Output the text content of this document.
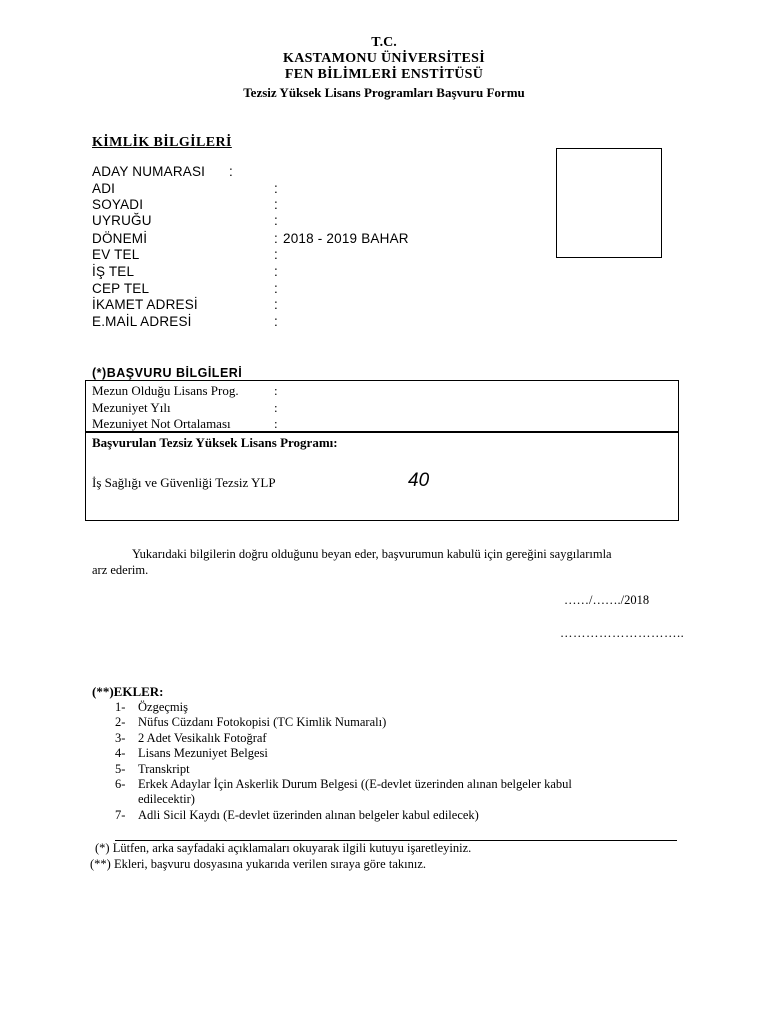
T.C.
KASTAMONU ÜNİVERSİTESİ
FEN BİLİMLERİ ENSTİTÜSÜ
Tezsiz Yüksek Lisans Programları Başvuru Formu
KİMLİK BİLGİLERİ
ADAY NUMARASI :
ADI	:
SOYADI	:
UYRUĞU	:
DÖNEMİ	: 2018 - 2019 BAHAR
EV TEL	:
İŞ TEL	:
CEP TEL	:
İKAMET ADRESİ	:
E.MAİL ADRESİ	:
(*)BAŞVURU BİLGİLERİ
Mezun Olduğu Lisans Prog.	:
Mezuniyet Yılı	:
Mezuniyet Not Ortalaması	:
Başvurulan Tezsiz Yüksek Lisans Programı:
İş Sağlığı ve Güvenliği Tezsiz YLP	40
Yukarıdaki bilgilerin doğru olduğunu beyan eder, başvurumun kabulü için gereğini saygılarımla
arz ederim.
……/……./2018
………………………..
(**)EKLER:
1- Özgeçmiş
2- Nüfus Cüzdanı Fotokopisi (TC Kimlik Numaralı)
3- 2 Adet Vesikalık Fotoğraf
4- Lisans Mezuniyet Belgesi
5- Transkript
6- Erkek Adaylar İçin Askerlik Durum Belgesi ((E-devlet üzerinden alınan belgeler kabul
edilecektir)
7- Adli Sicil Kaydı (E-devlet üzerinden alınan belgeler kabul edilecek)
(*) Lütfen, arka sayfadaki açıklamaları okuyarak ilgili kutuyu işaretleyiniz.
(**) Ekleri, başvuru dosyasına yukarıda verilen sıraya göre takınız.
